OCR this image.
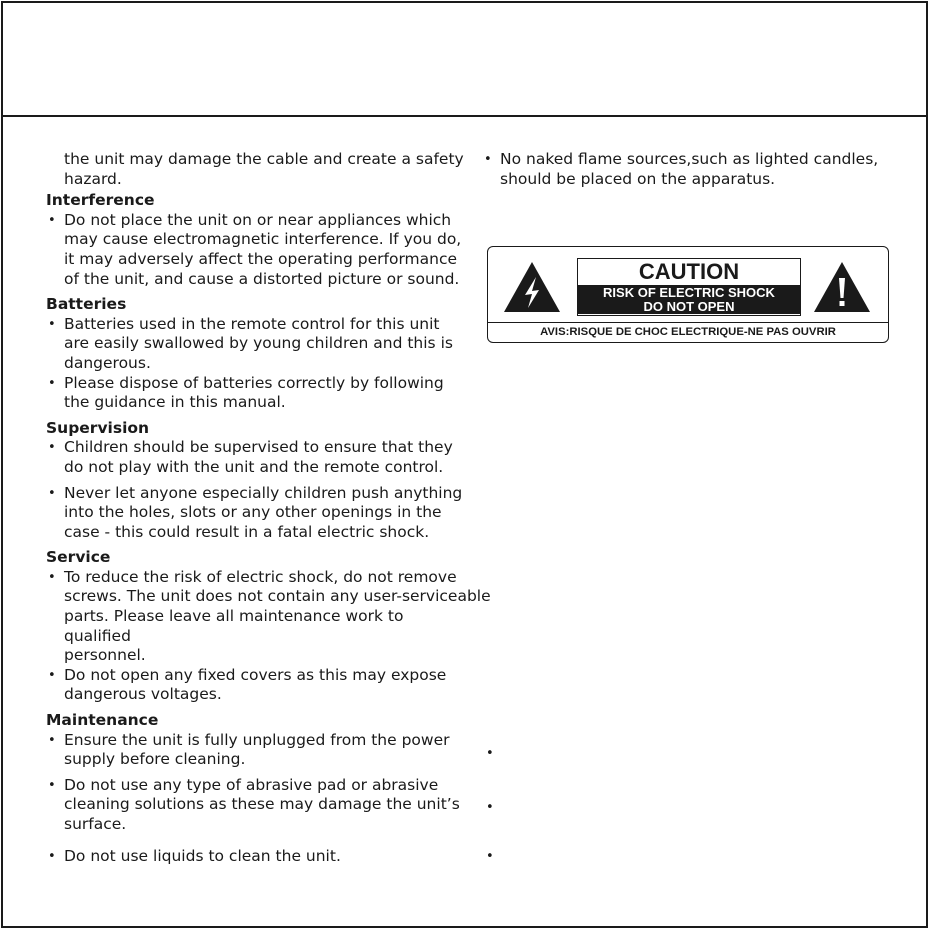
the unit may damage the cable and create a safety
hazard.
Interference
• Do not place the unit on or near appliances which
may cause electromagnetic interference. If you do,
it may adversely affect the operating performance
of the unit, and cause a distorted picture or sound.
Batteries
• Batteries used in the remote control for this unit
are easily swallowed by young children and this is
dangerous.
• Please dispose of batteries correctly by following
the guidance in this manual.
Supervision
• Children should be supervised to ensure that they
do not play with the unit and the remote control.
• Never let anyone especially children push anything
into the holes, slots or any other openings in the
case - this could result in a fatal electric shock.
Service
• To reduce the risk of electric shock, do not remove
screws. The unit does not contain any user-serviceable
parts. Please leave all maintenance work to qualified
personnel.
• Do not open any fixed covers as this may expose
dangerous voltages.
Maintenance
• Ensure the unit is fully unplugged from the power
supply before cleaning.
• Do not use any type of abrasive pad or abrasive
cleaning solutions as these may damage the unit’s
surface.
• Do not use liquids to clean the unit.
• No naked flame sources,such as lighted candles,
should be placed on the apparatus.
CAUTION
RISK OF ELECTRIC SHOCK
DO NOT OPEN
AVIS:RISQUE DE CHOC ELECTRIQUE-NE PAS OUVRIR
•
•
•
